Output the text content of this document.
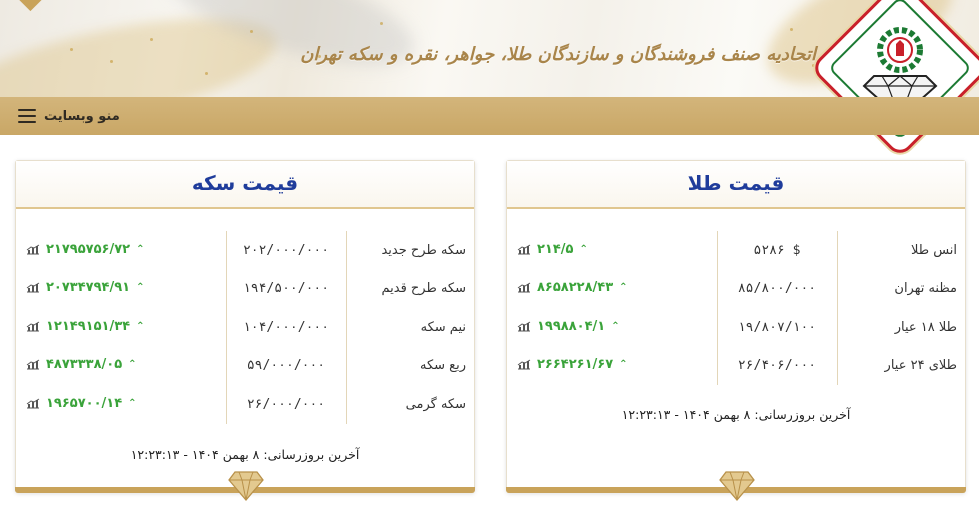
اتحادیه صنف فروشندگان و سازندگان طلا، جواهر، نقره و سکه تهران
منو وبسایت
قیمت سکه
سکه طرح جدید	۲۰۲/۰۰۰/۰۰۰	۲۱۷۹۵۷۵۶/۷۲ ⌃

سکه طرح قدیم	۱۹۴/۵۰۰/۰۰۰	۲۰۷۳۴۷۹۴/۹۱ ⌃

نیم سکه	۱۰۴/۰۰۰/۰۰۰	۱۲۱۴۹۱۵۱/۳۴ ⌃

ربع سکه	۵۹/۰۰۰/۰۰۰	۴۸۷۳۳۳۸/۰۵ ⌃

سکه گرمی	۲۶/۰۰۰/۰۰۰	۱۹۶۵۷۰۰/۱۴ ⌃
آخرین بروزرسانی: ۸ بهمن ۱۴۰۴ - ۱۲:۲۳:۱۳
قیمت طلا
انس طلا	$ ۵۲۸۶	۲۱۴/۵ ⌃

مظنه تهران	۸۵/۸۰۰/۰۰۰	۸۶۵۸۲۲۸/۴۳ ⌃

طلا ۱۸ عیار	۱۹/۸۰۷/۱۰۰	۱۹۹۸۸۰۴/۱ ⌃

طلای ۲۴ عیار	۲۶/۴۰۶/۰۰۰	۲۶۶۴۲۶۱/۶۷ ⌃
آخرین بروزرسانی: ۸ بهمن ۱۴۰۴ - ۱۲:۲۳:۱۳
